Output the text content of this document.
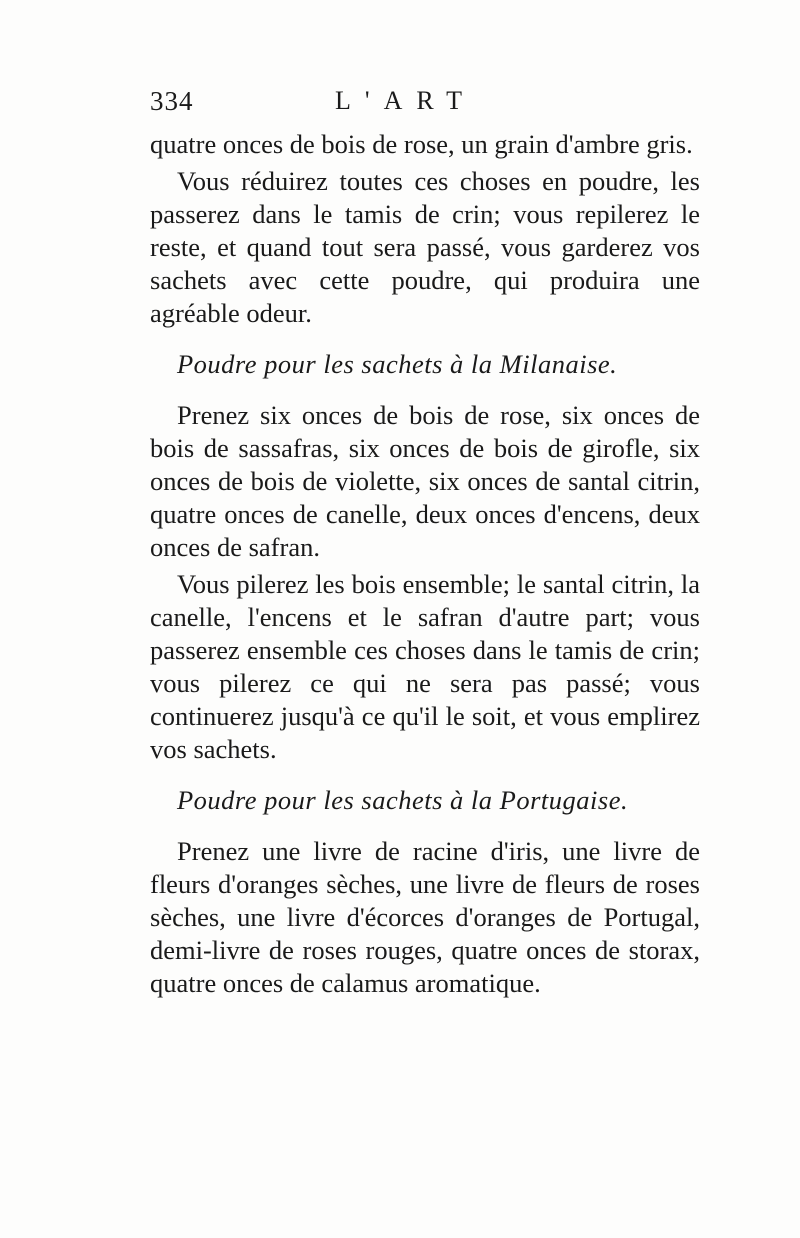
334	L'ART

quatre onces de bois de rose, un grain d'ambre gris.

Vous réduirez toutes ces choses en poudre, les passerez dans le tamis de crin; vous repilerez le reste, et quand tout sera passé, vous garderez vos sachets avec cette poudre, qui produira une agréable odeur.

Poudre pour les sachets à la Milanaise.

Prenez six onces de bois de rose, six onces de bois de sassafras, six onces de bois de girofle, six onces de bois de violette, six onces de santal citrin, quatre onces de canelle, deux onces d'encens, deux onces de safran.

Vous pilerez les bois ensemble; le santal citrin, la canelle, l'encens et le safran d'autre part; vous passerez ensemble ces choses dans le tamis de crin; vous pilerez ce qui ne sera pas passé; vous continuerez jusqu'à ce qu'il le soit, et vous emplirez vos sachets.

Poudre pour les sachets à la Portugaise.

Prenez une livre de racine d'iris, une livre de fleurs d'oranges sèches, une livre de fleurs de roses sèches, une livre d'écorces d'oranges de Portugal, demi-livre de roses rouges, quatre onces de storax, quatre onces de calamus aromatique.
